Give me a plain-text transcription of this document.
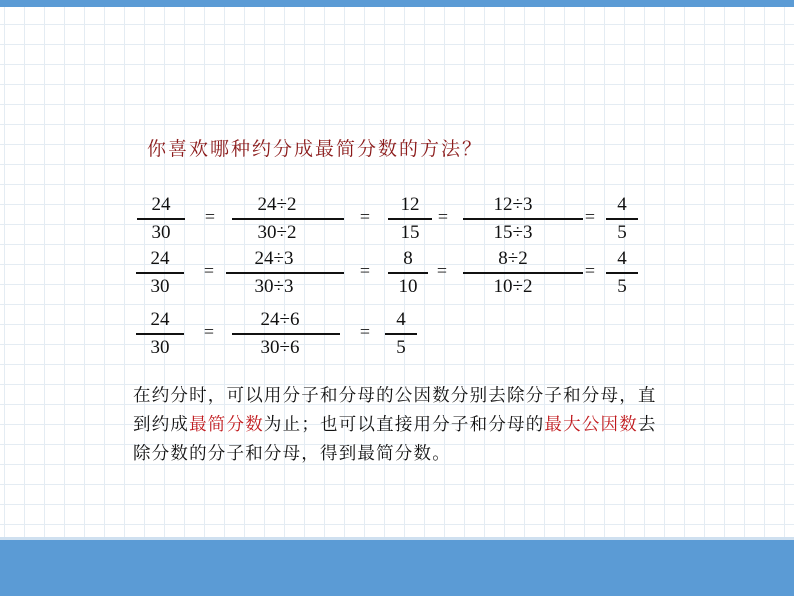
你喜欢哪种约分成最简分数的方法？
24
30
=
24÷2
30÷2
=
12
15
=
12÷3
15÷3
=
4
5
24
30
=
24÷3
30÷3
=
8
10
=
8÷2
10÷2
=
4
5
24
30
=
24÷6
30÷6
=
4
5

在约分时，可以用分子和分母的公因数分别去除分子和分母，直到约成最简分数为止；也可以直接用分子和分母的最大公因数去除分数的分子和分母，得到最简分数。
